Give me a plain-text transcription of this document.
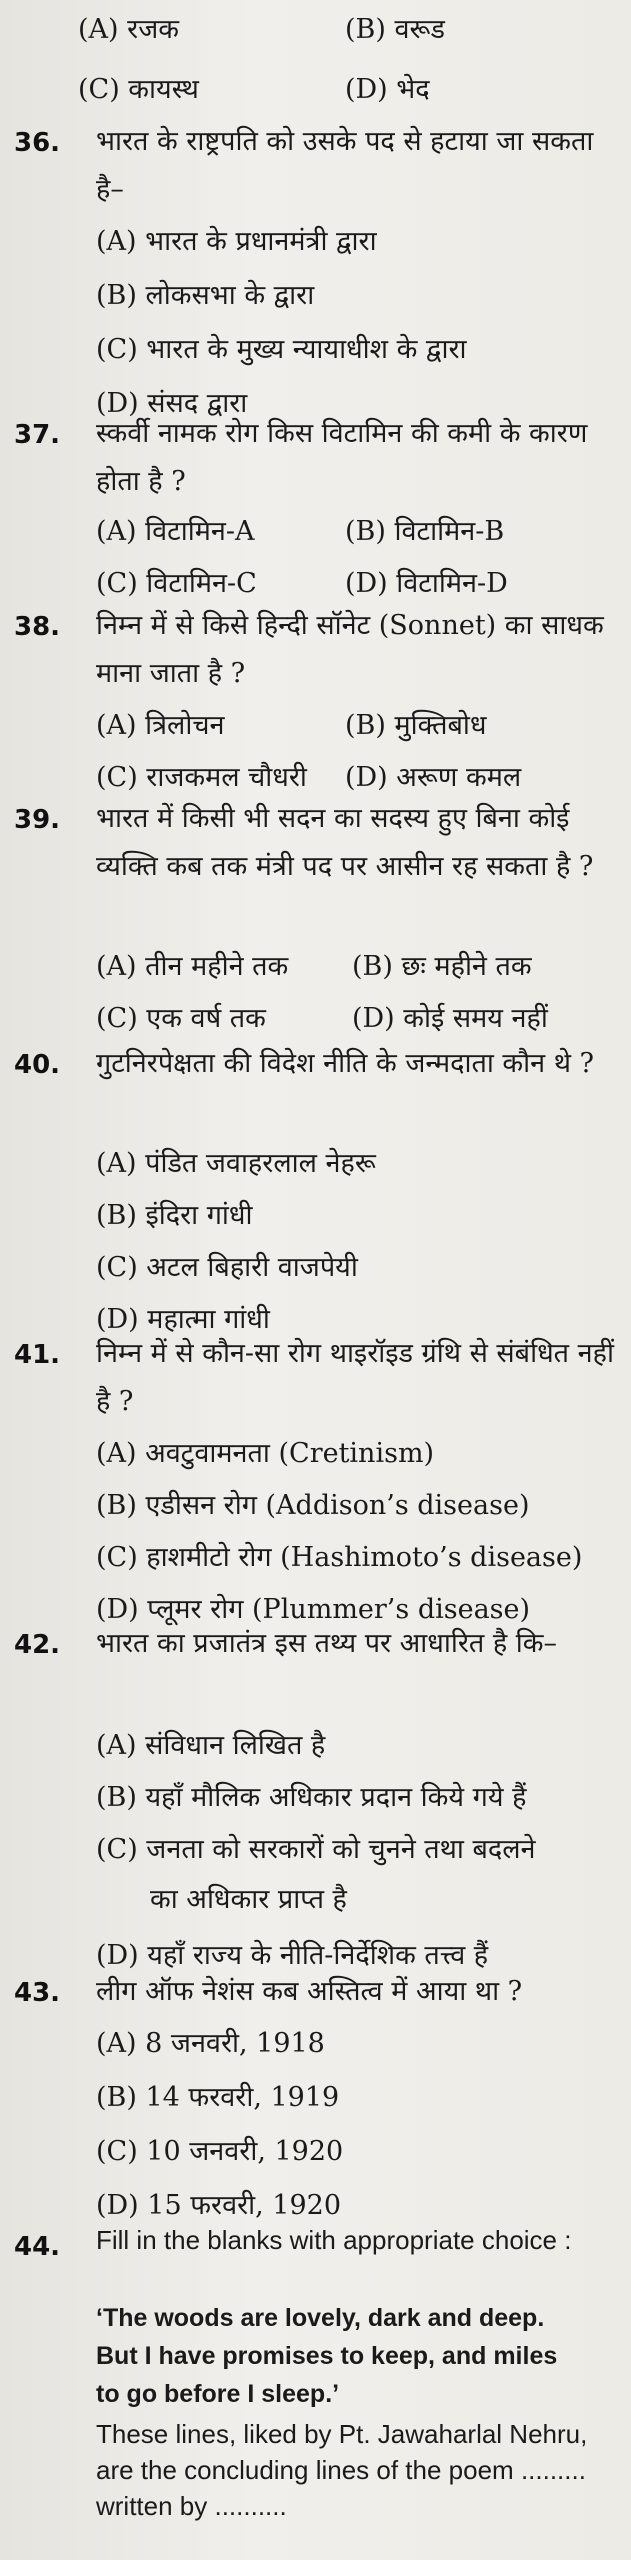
(A) रजक	(B) वरूड
(C) कायस्थ	(D) भेद
36. भारत के राष्ट्रपति को उसके पद से हटाया जा सकता है–
(A) भारत के प्रधानमंत्री द्वारा
(B) लोकसभा के द्वारा
(C) भारत के मुख्य न्यायाधीश के द्वारा
(D) संसद द्वारा
37. स्कर्वी नामक रोग किस विटामिन की कमी के कारण होता है ?
(A) विटामिन-A	(B) विटामिन-B
(C) विटामिन-C	(D) विटामिन-D
38. निम्न में से किसे हिन्दी सॉनेट (Sonnet) का साधक माना जाता है ?
(A) त्रिलोचन	(B) मुक्तिबोध
(C) राजकमल चौधरी (D) अरूण कमल
39. भारत में किसी भी सदन का सदस्य हुए बिना कोई व्यक्ति कब तक मंत्री पद पर आसीन रह सकता है ?
(A) तीन महीने तक (B) छः महीने तक
(C) एक वर्ष तक	(D) कोई समय नहीं
40. गुटनिरपेक्षता की विदेश नीति के जन्मदाता कौन थे ?
(A) पंडित जवाहरलाल नेहरू
(B) इंदिरा गांधी
(C) अटल बिहारी वाजपेयी
(D) महात्मा गांधी
41. निम्न में से कौन-सा रोग थाइरॉइड ग्रंथि से संबंधित नहीं है ?
(A) अवटुवामनता (Cretinism)
(B) एडीसन रोग (Addison’s disease)
(C) हाशमीटो रोग (Hashimoto’s disease)
(D) प्लूमर रोग (Plummer’s disease)
42. भारत का प्रजातंत्र इस तथ्य पर आधारित है कि–
(A) संविधान लिखित है
(B) यहाँ मौलिक अधिकार प्रदान किये गये हैं
(C) जनता को सरकारों को चुनने तथा बदलने
का अधिकार प्राप्त है
(D) यहाँ राज्य के नीति-निर्देशिक तत्त्व हैं
43. लीग ऑफ नेशंस कब अस्तित्व में आया था ?
(A) 8 जनवरी, 1918
(B) 14 फरवरी, 1919
(C) 10 जनवरी, 1920
(D) 15 फरवरी, 1920
44. Fill in the blanks with appropriate choice :
‘The woods are lovely, dark and deep.
But I have promises to keep, and miles
to go before I sleep.’
These lines, liked by Pt. Jawaharlal Nehru, are the concluding lines of the poem ......... written by ..........
